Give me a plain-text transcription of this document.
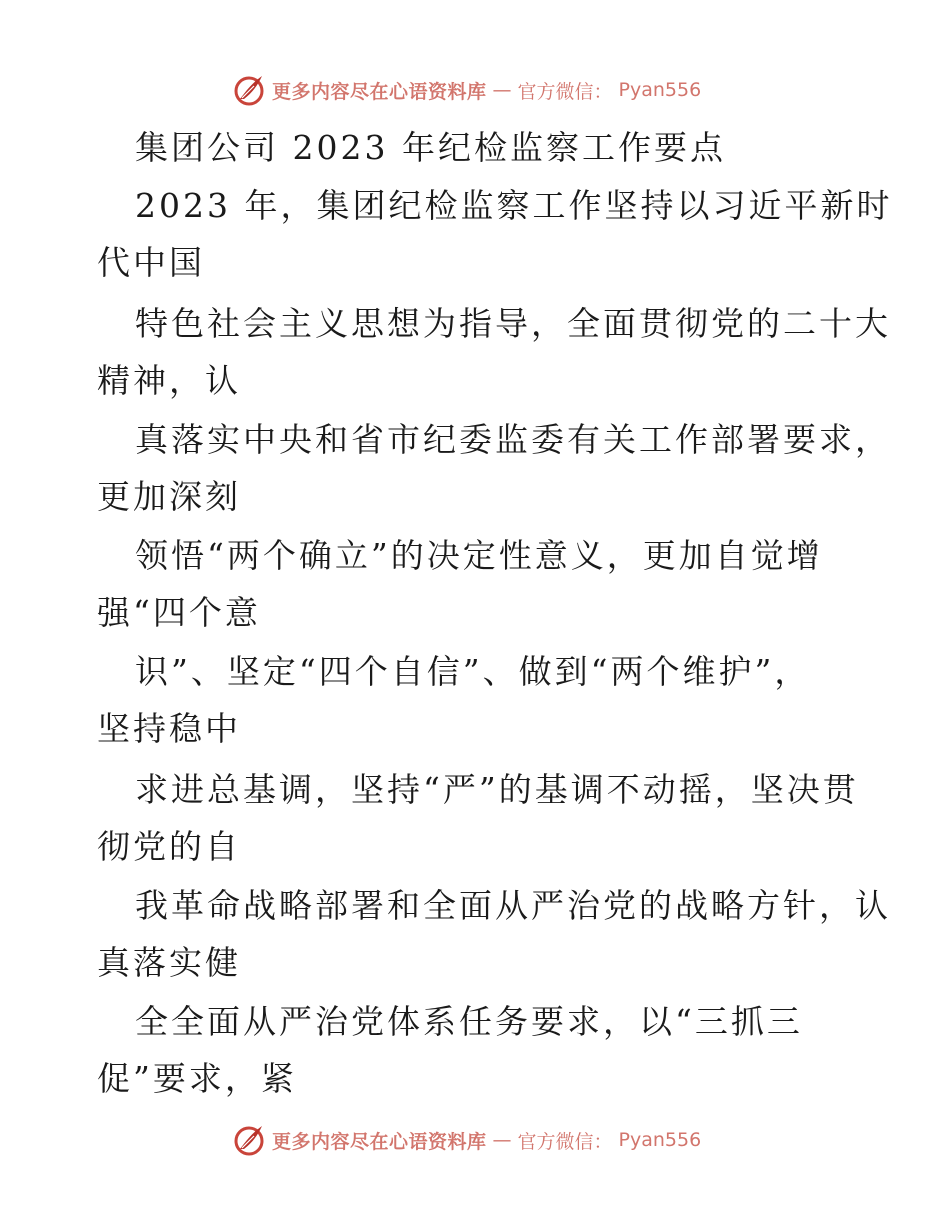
更多内容尽在心语资料库 — 官方微信： Pyan556
集团公司 2023 年纪检监察工作要点
2023 年，集团纪检监察工作坚持以习近平新时
代中国
特色社会主义思想为指导，全面贯彻党的二十大
精神，认
真落实中央和省市纪委监委有关工作部署要求，
更加深刻
领悟“两个确立”的决定性意义，更加自觉增
强“四个意
识”、坚定“四个自信”、做到“两个维护”，
坚持稳中
求进总基调，坚持“严”的基调不动摇，坚决贯
彻党的自
我革命战略部署和全面从严治党的战略方针，认
真落实健
全全面从严治党体系任务要求，以“三抓三
促”要求，紧
更多内容尽在心语资料库 — 官方微信： Pyan556
